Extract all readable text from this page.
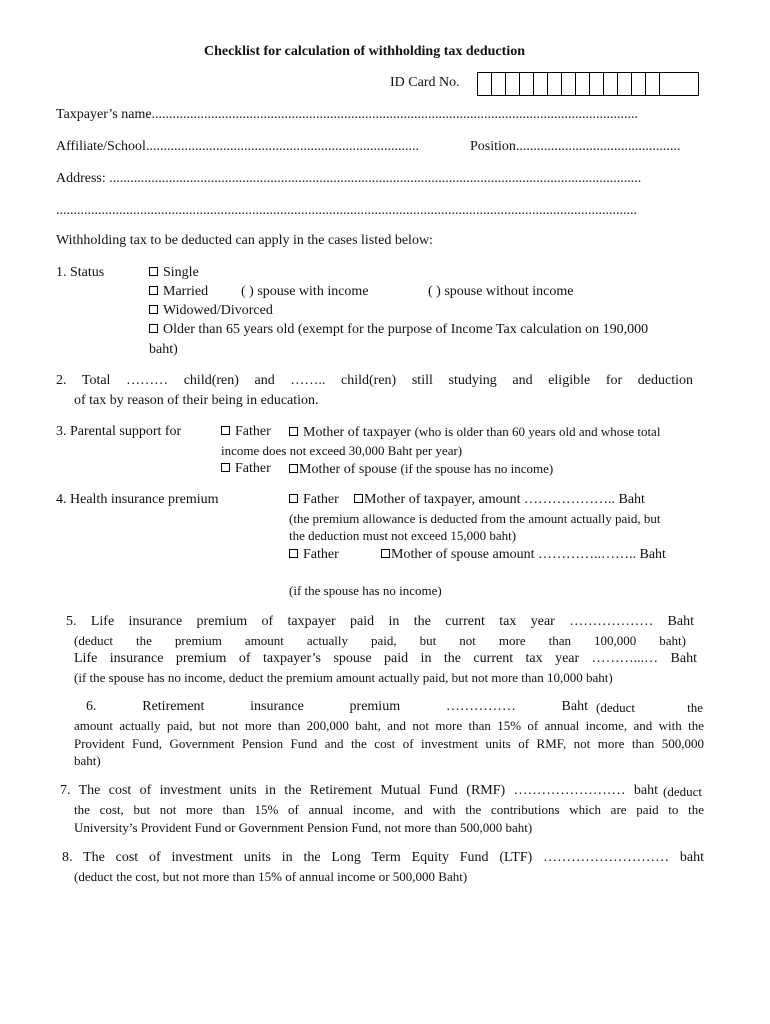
Checklist for calculation of withholding tax deduction
ID Card No.
Taxpayer’s name...........................................................................................................................................
Affiliate/School..............................................................................	Position...............................................
Address: ........................................................................................................................................................
......................................................................................................................................................................
Withholding tax to be deducted can apply in the cases listed below:
1. Status	Single
Married ( ) spouse with income	( ) spouse without income
Widowed/Divorced
Older than 65 years old (exempt for the purpose of Income Tax calculation on 190,000
baht)
2. Total ……… child(ren) and …….. child(ren) still studying and eligible for deduction
of tax by reason of their being in education.
3. Parental support for	Father	Mother of taxpayer (who is older than 60 years old and whose total
income does not exceed 30,000 Baht per year)
Father	Mother of spouse (if the spouse has no income)
4. Health insurance premium	Father	Mother of taxpayer, amount ……………….. Baht
(the premium allowance is deducted from the amount actually paid, but
the deduction must not exceed 15,000 baht)
Father	Mother of spouse amount …………..…….. Baht
(if the spouse has no income)
5. Life insurance premium of taxpayer paid in the current tax year ……………… Baht
(deduct the premium amount actually paid, but not more than 100,000 baht)
Life insurance premium of taxpayer’s spouse paid in the current tax year ………...… Baht
(if the spouse has no income, deduct the premium amount actually paid, but not more than 10,000 baht)
6. Retirement insurance premium …………… Baht (deduct the
amount actually paid, but not more than 200,000 baht, and not more than 15% of annual income, and with the
Provident Fund, Government Pension Fund and the cost of investment units of RMF, not more than 500,000
baht)
7. The cost of investment units in the Retirement Mutual Fund (RMF) …………………… baht (deduct
the cost, but not more than 15% of annual income, and with the contributions which are paid to the
University’s Provident Fund or Government Pension Fund, not more than 500,000 baht)
8. The cost of investment units in the Long Term Equity Fund (LTF) ……………………… baht
(deduct the cost, but not more than 15% of annual income or 500,000 Baht)
